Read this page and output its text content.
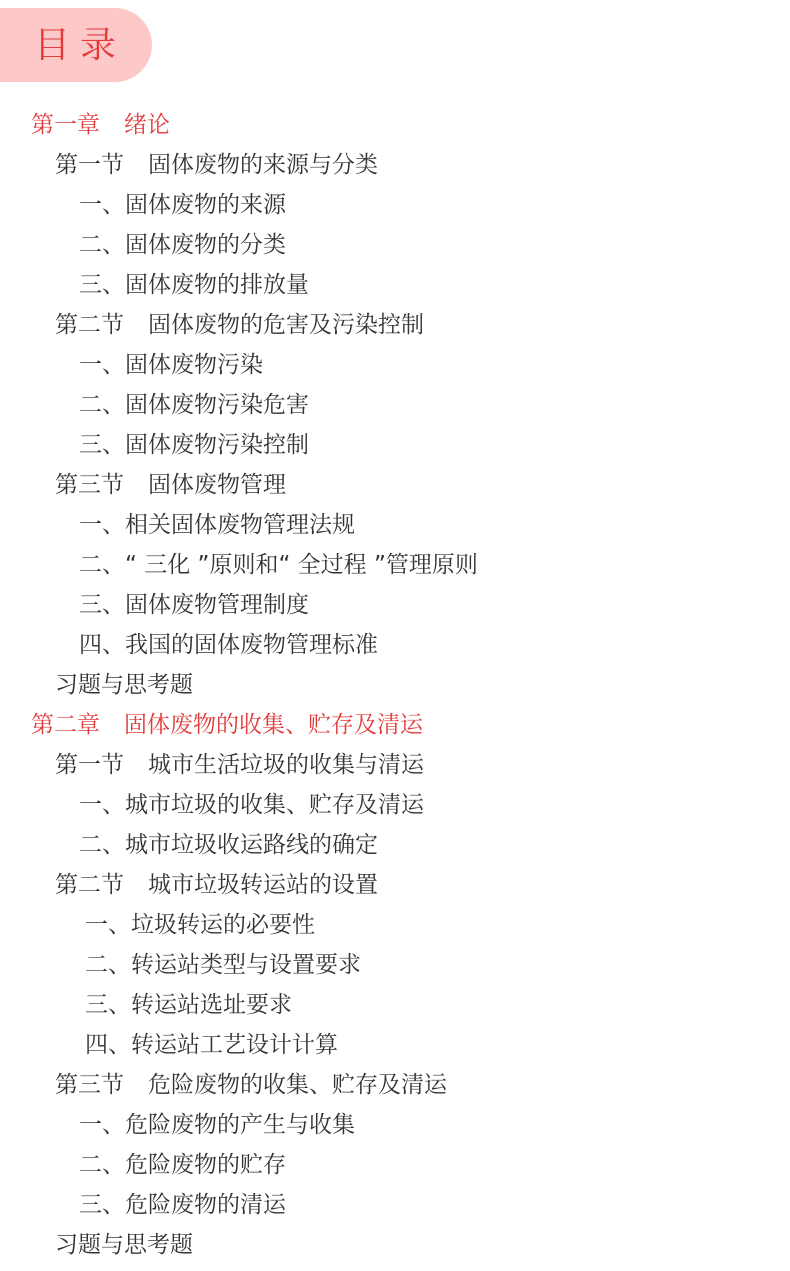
目录
第一章 绪论
第一节 固体废物的来源与分类
一、固体废物的来源
二、固体废物的分类
三、固体废物的排放量
第二节 固体废物的危害及污染控制
一、固体废物污染
二、固体废物污染危害
三、固体废物污染控制
第三节 固体废物管理
一、相关固体废物管理法规
二、“ 三化 ”原则和“ 全过程 ”管理原则
三、固体废物管理制度
四、我国的固体废物管理标准
习题与思考题
第二章 固体废物的收集、贮存及清运
第一节 城市生活垃圾的收集与清运
一、城市垃圾的收集、贮存及清运
二、城市垃圾收运路线的确定
第二节 城市垃圾转运站的设置
一、垃圾转运的必要性
二、转运站类型与设置要求
三、转运站选址要求
四、转运站工艺设计计算
第三节 危险废物的收集、贮存及清运
一、危险废物的产生与收集
二、危险废物的贮存
三、危险废物的清运
习题与思考题
